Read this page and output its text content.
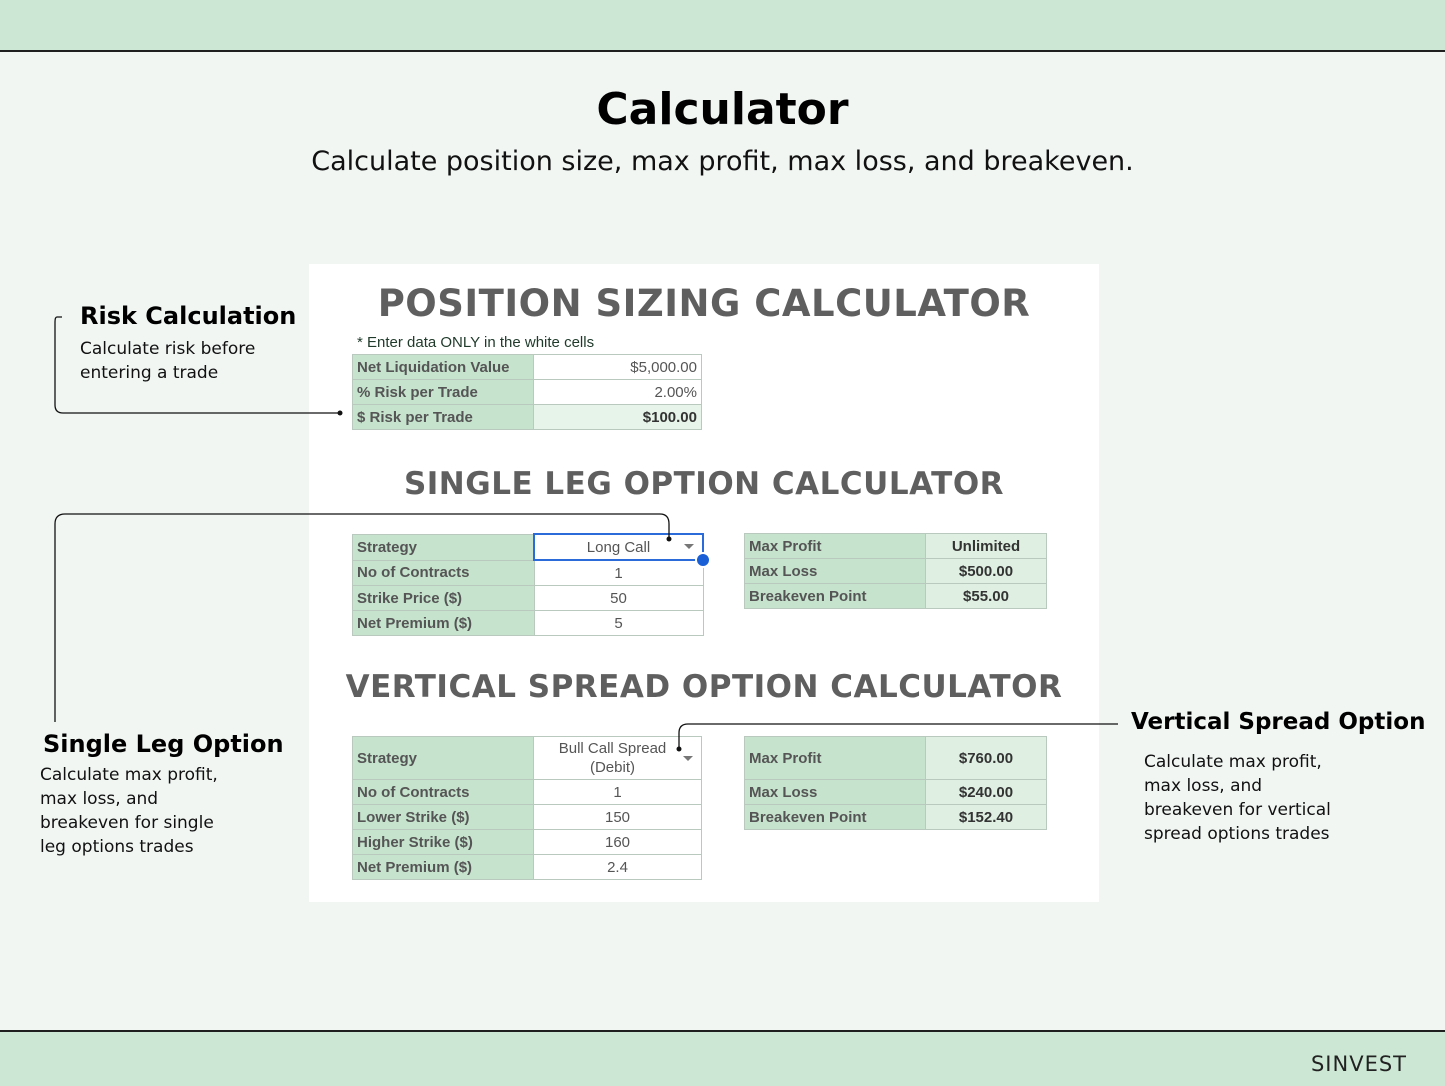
Calculator
Calculate position size, max profit, max loss, and breakeven.
POSITION SIZING CALCULATOR
* Enter data ONLY in the white cells
Net Liquidation Value	$5,000.00
% Risk per Trade	2.00%
$ Risk per Trade	$100.00
SINGLE LEG OPTION CALCULATOR
Strategy	Long Call

No of Contracts	1
Strike Price ($)	50
Net Premium ($)	5
Max Profit	Unlimited
Max Loss	$500.00
Breakeven Point	$55.00
VERTICAL SPREAD OPTION CALCULATOR
Strategy	Bull Call Spread
(Debit)

No of Contracts	1
Lower Strike ($)	150
Higher Strike ($)	160
Net Premium ($)	2.4
Max Profit	$760.00
Max Loss	$240.00
Breakeven Point	$152.40
Risk Calculation
Calculate risk before
entering a trade
Single Leg Option
Calculate max profit,
max loss, and
breakeven for single
leg options trades
Vertical Spread Option
Calculate max profit,
max loss, and
breakeven for vertical
spread options trades
SINVEST
